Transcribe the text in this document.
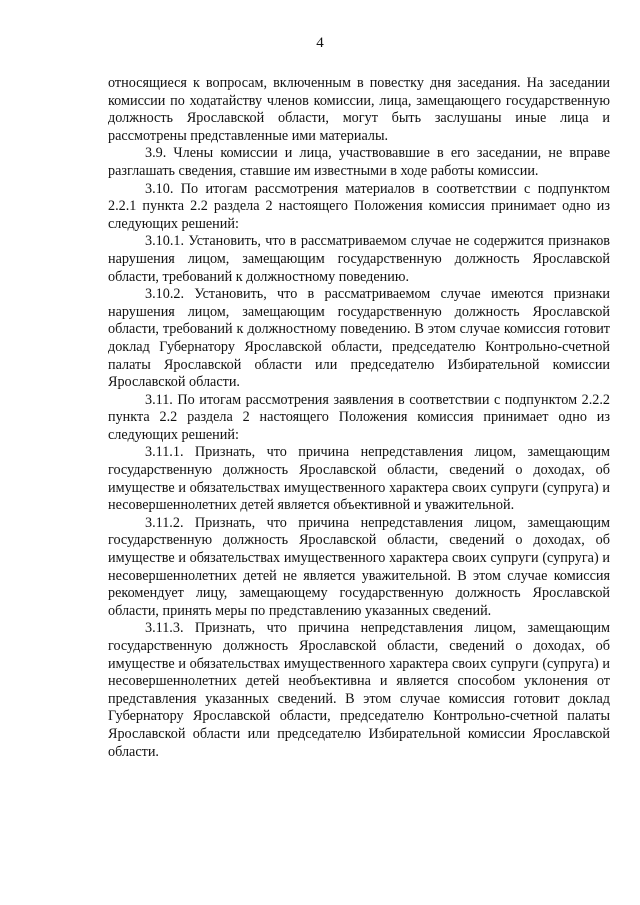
4

относящиеся к вопросам, включенным в повестку дня заседания. На заседании комиссии по ходатайству членов комиссии, лица, замещающего государственную должность Ярославской области, могут быть заслушаны иные лица и рассмотрены представленные ими материалы.

3.9. Члены комиссии и лица, участвовавшие в его заседании, не вправе разглашать сведения, ставшие им известными в ходе работы комиссии.

3.10. По итогам рассмотрения материалов в соответствии с подпунктом 2.2.1 пункта 2.2 раздела 2 настоящего Положения комиссия принимает одно из следующих решений:

3.10.1. Установить, что в рассматриваемом случае не содержится признаков нарушения лицом, замещающим государственную должность Ярославской области, требований к должностному поведению.

3.10.2. Установить, что в рассматриваемом случае имеются признаки нарушения лицом, замещающим государственную должность Ярославской области, требований к должностному поведению. В этом случае комиссия готовит доклад Губернатору Ярославской области, председателю Контрольно-счетной палаты Ярославской области или председателю Избирательной комиссии Ярославской области.

3.11. По итогам рассмотрения заявления в соответствии с подпунктом 2.2.2 пункта 2.2 раздела 2 настоящего Положения комиссия принимает одно из следующих решений:

3.11.1. Признать, что причина непредставления лицом, замещающим государственную должность Ярославской области, сведений о доходах, об имуществе и обязательствах имущественного характера своих супруги (супруга) и несовершеннолетних детей является объективной и уважительной.

3.11.2. Признать, что причина непредставления лицом, замещающим государственную должность Ярославской области, сведений о доходах, об имуществе и обязательствах имущественного характера своих супруги (супруга) и несовершеннолетних детей не является уважительной. В этом случае комиссия рекомендует лицу, замещающему государственную должность Ярославской области, принять меры по представлению указанных сведений.

3.11.3. Признать, что причина непредставления лицом, замещающим государственную должность Ярославской области, сведений о доходах, об имуществе и обязательствах имущественного характера своих супруги (супруга) и несовершеннолетних детей необъективна и является способом уклонения от представления указанных сведений. В этом случае комиссия готовит доклад Губернатору Ярославской области, председателю Контрольно-счетной палаты Ярославской области или председателю Избирательной комиссии Ярославской области.
